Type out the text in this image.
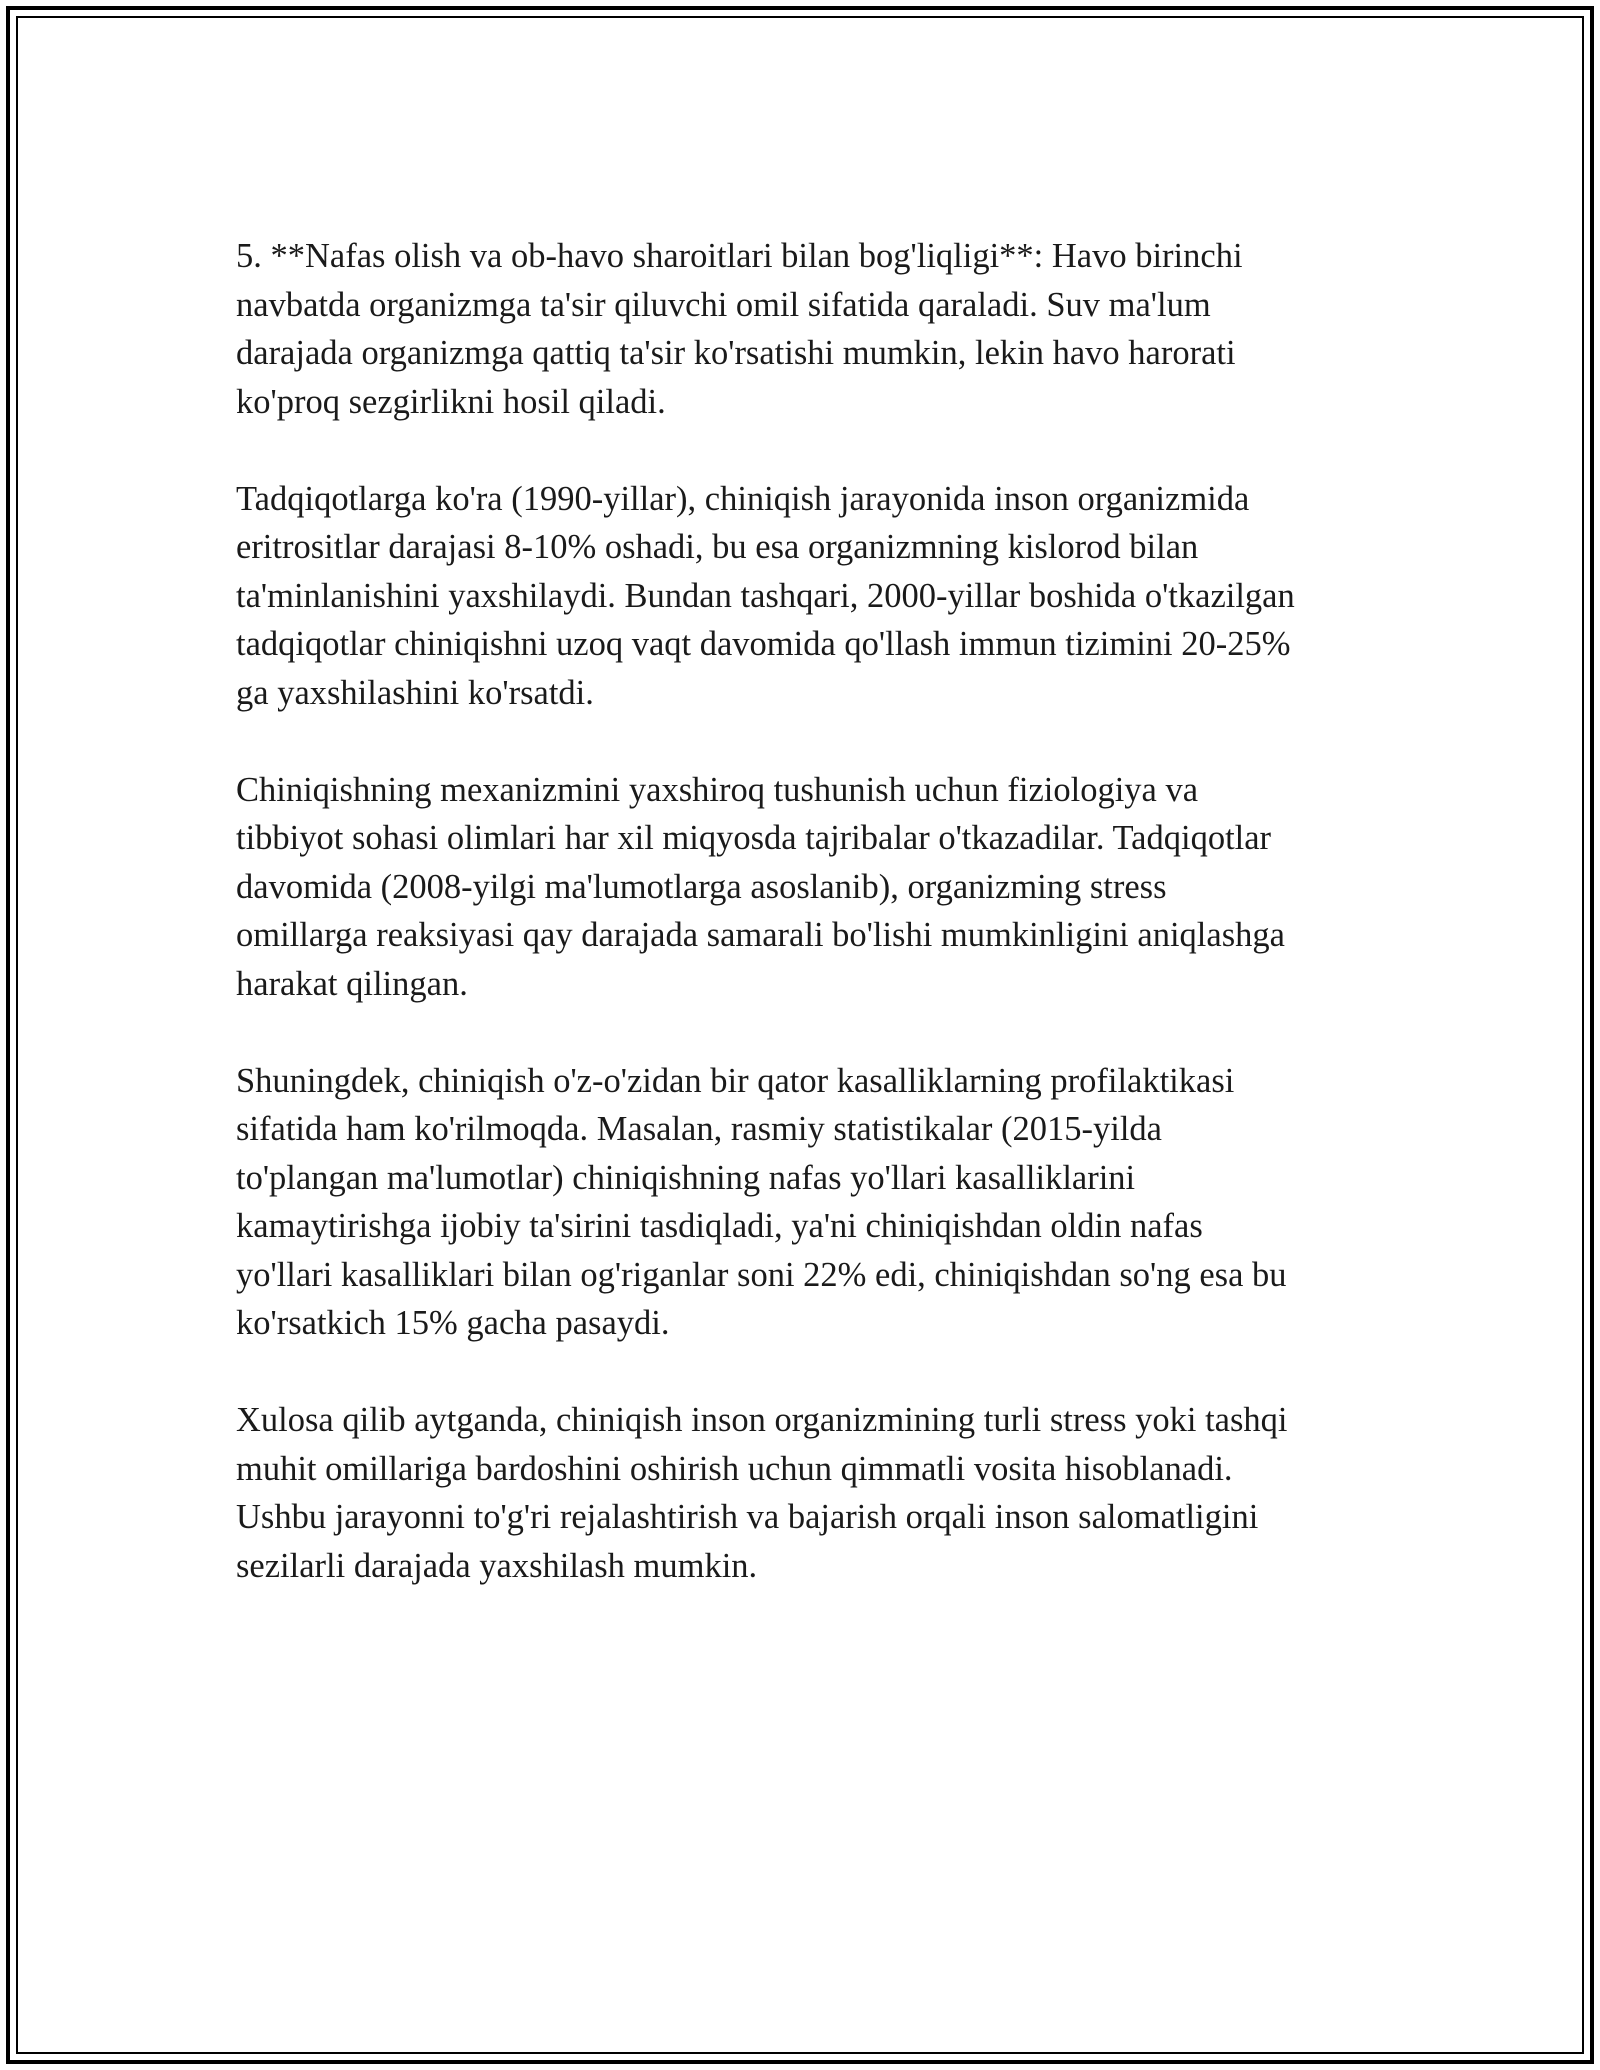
5. **Nafas olish va ob-havo sharoitlari bilan bog'liqligi**: Havo birinchi
navbatda organizmga ta'sir qiluvchi omil sifatida qaraladi. Suv ma'lum
darajada organizmga qattiq ta'sir ko'rsatishi mumkin, lekin havo harorati
ko'proq sezgirlikni hosil qiladi.

Tadqiqotlarga ko'ra (1990-yillar), chiniqish jarayonida inson organizmida
eritrositlar darajasi 8-10% oshadi, bu esa organizmning kislorod bilan
ta'minlanishini yaxshilaydi. Bundan tashqari, 2000-yillar boshida o'tkazilgan
tadqiqotlar chiniqishni uzoq vaqt davomida qo'llash immun tizimini 20-25%
ga yaxshilashini ko'rsatdi.

Chiniqishning mexanizmini yaxshiroq tushunish uchun fiziologiya va
tibbiyot sohasi olimlari har xil miqyosda tajribalar o'tkazadilar. Tadqiqotlar
davomida (2008-yilgi ma'lumotlarga asoslanib), organizming stress
omillarga reaksiyasi qay darajada samarali bo'lishi mumkinligini aniqlashga
harakat qilingan.

Shuningdek, chiniqish o'z-o'zidan bir qator kasalliklarning profilaktikasi
sifatida ham ko'rilmoqda. Masalan, rasmiy statistikalar (2015-yilda
to'plangan ma'lumotlar) chiniqishning nafas yo'llari kasalliklarini
kamaytirishga ijobiy ta'sirini tasdiqladi, ya'ni chiniqishdan oldin nafas
yo'llari kasalliklari bilan og'riganlar soni 22% edi, chiniqishdan so'ng esa bu
ko'rsatkich 15% gacha pasaydi.

Xulosa qilib aytganda, chiniqish inson organizmining turli stress yoki tashqi
muhit omillariga bardoshini oshirish uchun qimmatli vosita hisoblanadi.
Ushbu jarayonni to'g'ri rejalashtirish va bajarish orqali inson salomatligini
sezilarli darajada yaxshilash mumkin.
